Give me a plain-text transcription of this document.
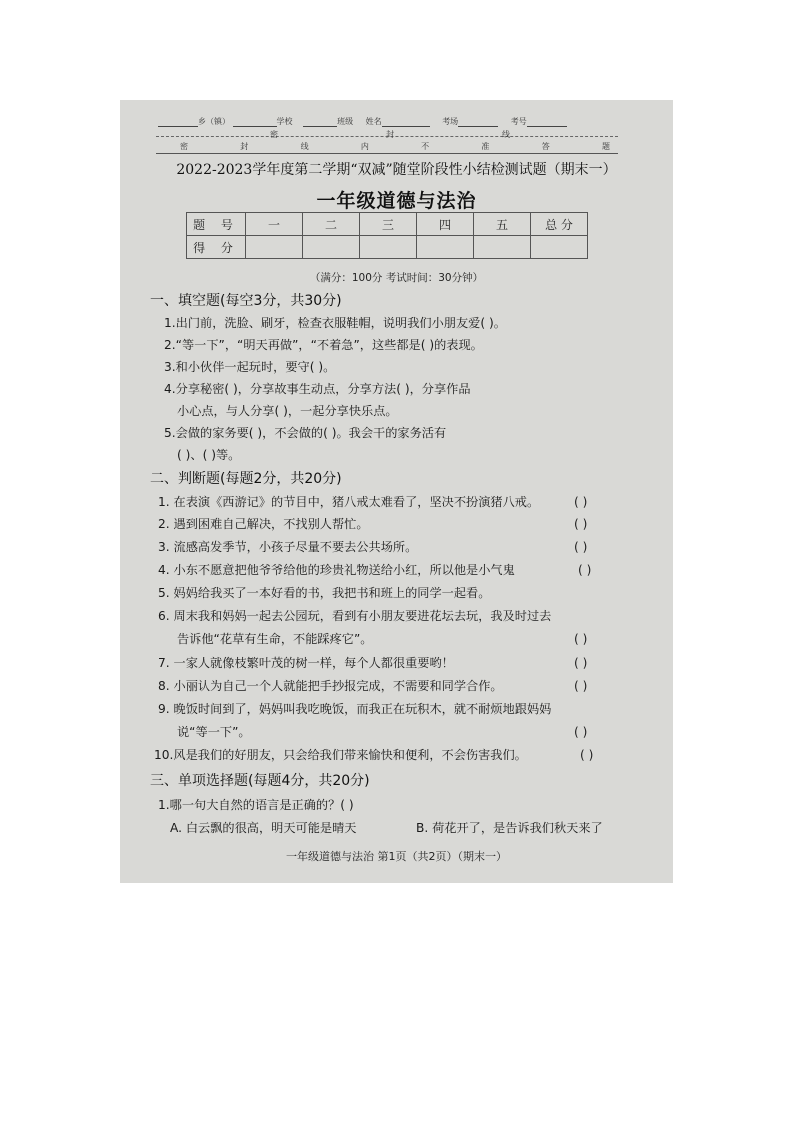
乡（镇）	学校	班级 姓名	考场	考号
密	封	线
密	封	线	内	不	准	答	题
2022-2023学年度第二学期“双减”随堂阶段性小结检测试题（期末一）
一年级道德与法治
题 号	一	二	三	四	五	总 分
得 分						
（满分：100分 考试时间：30分钟）
一、填空题(每空3分，共30分)
1.出门前，洗脸、刷牙，检查衣服鞋帽，说明我们小朋友爱( )。
2.“等一下”，“明天再做”，“不着急”，这些都是( )的表现。
3.和小伙伴一起玩时，要守( )。
4.分享秘密( )，分享故事生动点，分享方法( )，分享作品
小心点，与人分享( )，一起分享快乐点。
5.会做的家务要( )，不会做的( )。我会干的家务活有
( )、( )等。
二、判断题(每题2分，共20分)
1. 在表演《西游记》的节目中，猪八戒太难看了，坚决不扮演猪八戒。	( )
2. 遇到困难自己解决，不找别人帮忙。	( )
3. 流感高发季节，小孩子尽量不要去公共场所。	( )
4. 小东不愿意把他爷爷给他的珍贵礼物送给小红，所以他是小气鬼	( )
5. 妈妈给我买了一本好看的书，我把书和班上的同学一起看。
6. 周末我和妈妈一起去公园玩，看到有小朋友要进花坛去玩，我及时过去
告诉他“花草有生命，不能踩疼它”。	( )
7. 一家人就像枝繁叶茂的树一样，每个人都很重要哟！	( )
8. 小丽认为自己一个人就能把手抄报完成，不需要和同学合作。	( )
9. 晚饭时间到了，妈妈叫我吃晚饭，而我正在玩积木，就不耐烦地跟妈妈
说“等一下”。	( )
10.风是我们的好朋友，只会给我们带来愉快和便利，不会伤害我们。	( )
三、单项选择题(每题4分，共20分)
1.哪一句大自然的语言是正确的？( )
A. 白云飘的很高，明天可能是晴天	B. 荷花开了，是告诉我们秋天来了
一年级道德与法治 第1页（共2页）（期末一）
